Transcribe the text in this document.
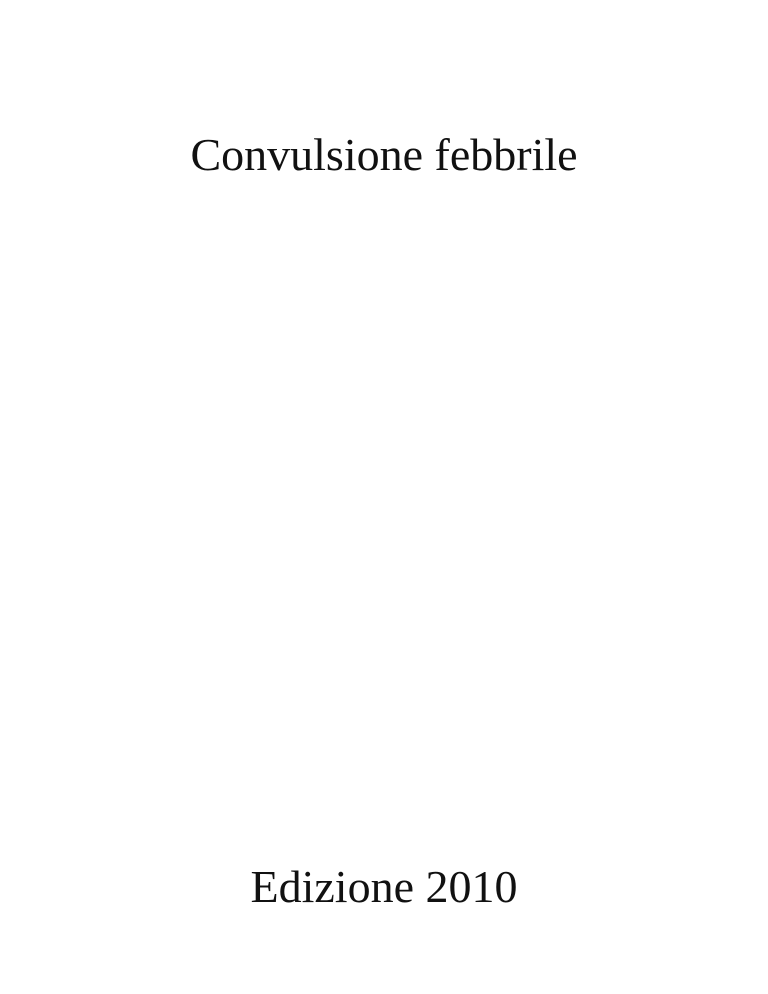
Convulsione febbrile
Edizione 2010
